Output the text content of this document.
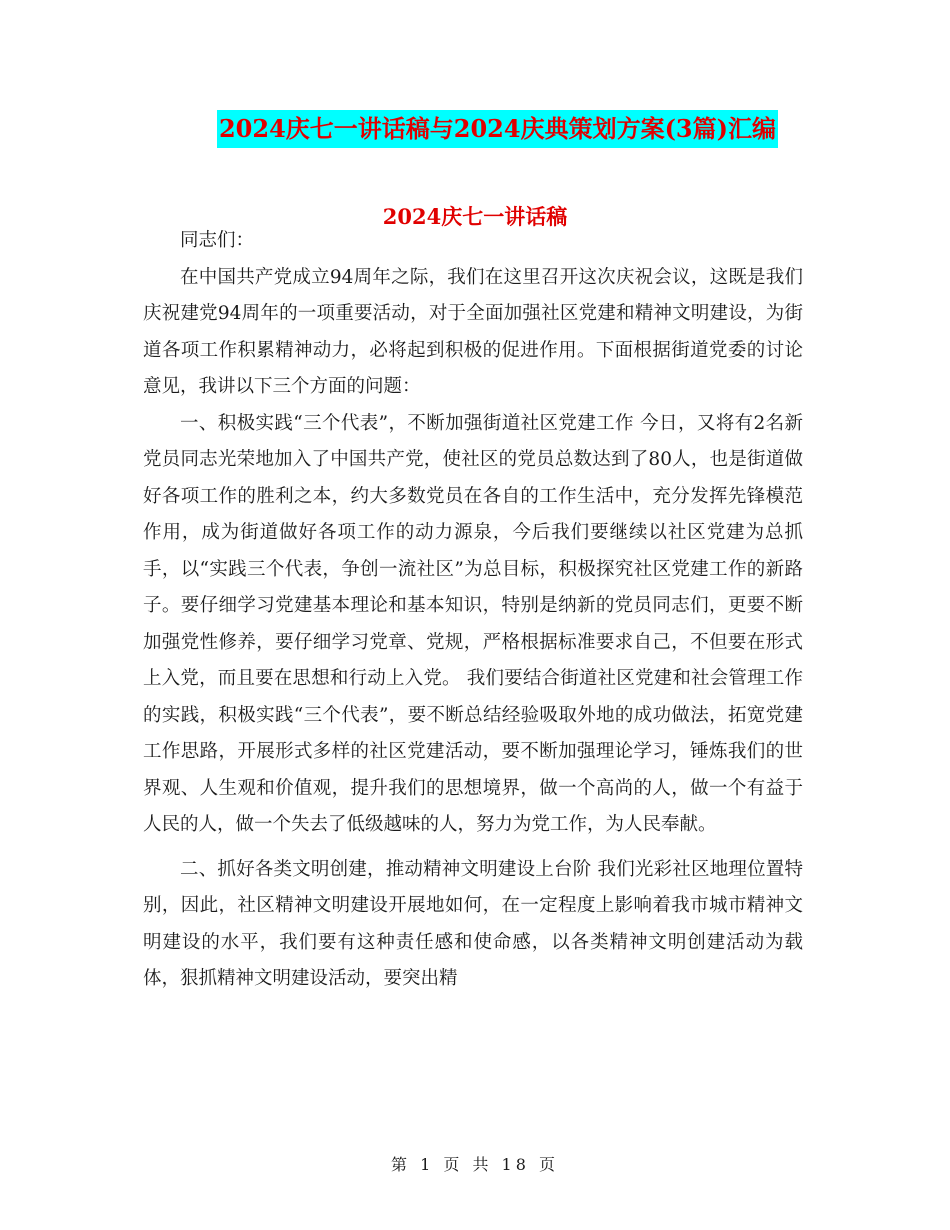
2024庆七一讲话稿与2024庆典策划方案(3篇)汇编
2024庆七一讲话稿

同志们：

在中国共产党成立94周年之际，我们在这里召开这次庆祝会议，这既是我们庆祝建党94周年的一项重要活动，对于全面加强社区党建和精神文明建设，为街道各项工作积累精神动力，必将起到积极的促进作用。下面根据街道党委的讨论意见，我讲以下三个方面的问题：

一、积极实践“三个代表”，不断加强街道社区党建工作 今日，又将有2名新党员同志光荣地加入了中国共产党，使社区的党员总数达到了80人，也是街道做好各项工作的胜利之本，约大多数党员在各自的工作生活中，充分发挥先锋模范作用，成为街道做好各项工作的动力源泉，今后我们要继续以社区党建为总抓手，以“实践三个代表，争创一流社区”为总目标，积极探究社区党建工作的新路子。要仔细学习党建基本理论和基本知识，特别是纳新的党员同志们，更要不断加强党性修养，要仔细学习党章、党规，严格根据标准要求自己，不但要在形式上入党，而且要在思想和行动上入党。 我们要结合街道社区党建和社会管理工作的实践，积极实践“三个代表”，要不断总结经验吸取外地的成功做法，拓宽党建工作思路，开展形式多样的社区党建活动，要不断加强理论学习，锤炼我们的世界观、人生观和价值观，提升我们的思想境界，做一个高尚的人，做一个有益于人民的人，做一个失去了低级越味的人，努力为党工作，为人民奉献。

二、抓好各类文明创建，推动精神文明建设上台阶 我们光彩社区地理位置特别，因此，社区精神文明建设开展地如何，在一定程度上影响着我市城市精神文明建设的水平，我们要有这种责任感和使命感，以各类精神文明创建活动为载体，狠抓精神文明建设活动，要突出精

第 1 页 共 18 页
